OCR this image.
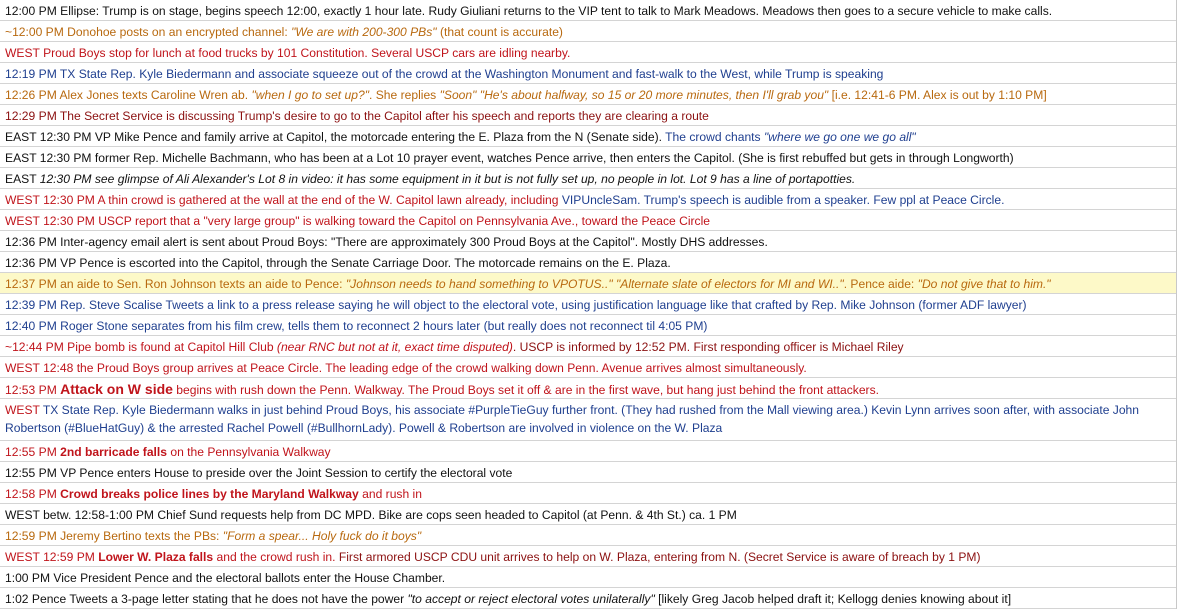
12:00 PM Ellipse: Trump is on stage, begins speech 12:00, exactly 1 hour late. Rudy Giuliani returns to the VIP tent to talk to Mark Meadows. Meadows then goes to a secure vehicle to make calls.
~12:00 PM Donohoe posts on an encrypted channel: "We are with 200-300 PBs" (that count is accurate)
WEST Proud Boys stop for lunch at food trucks by 101 Constitution. Several USCP cars are idling nearby.
12:19 PM TX State Rep. Kyle Biedermann and associate squeeze out of the crowd at the Washington Monument and fast-walk to the West, while Trump is speaking
12:26 PM Alex Jones texts Caroline Wren ab. "when I go to set up?". She replies "Soon" "He's about halfway, so 15 or 20 more minutes, then I'll grab you" [i.e. 12:41-6 PM. Alex is out by 1:10 PM]
12:29 PM The Secret Service is discussing Trump's desire to go to the Capitol after his speech and reports they are clearing a route
EAST 12:30 PM VP Mike Pence and family arrive at Capitol, the motorcade entering the E. Plaza from the N (Senate side). The crowd chants "where we go one we go all"
EAST 12:30 PM former Rep. Michelle Bachmann, who has been at a Lot 10 prayer event, watches Pence arrive, then enters the Capitol. (She is first rebuffed but gets in through Longworth)
EAST 12:30 PM see glimpse of Ali Alexander's Lot 8 in video: it has some equipment in it but is not fully set up, no people in lot. Lot 9 has a line of portapotties.
WEST 12:30 PM A thin crowd is gathered at the wall at the end of the W. Capitol lawn already, including VIPUncleSam. Trump's speech is audible from a speaker. Few ppl at Peace Circle.
WEST 12:30 PM USCP report that a "very large group" is walking toward the Capitol on Pennsylvania Ave., toward the Peace Circle
12:36 PM Inter-agency email alert is sent about Proud Boys: "There are approximately 300 Proud Boys at the Capitol". Mostly DHS addresses.
12:36 PM VP Pence is escorted into the Capitol, through the Senate Carriage Door. The motorcade remains on the E. Plaza.
12:37 PM an aide to Sen. Ron Johnson texts an aide to Pence: "Johnson needs to hand something to VPOTUS.." "Alternate slate of electors for MI and WI..". Pence aide: "Do not give that to him."
12:39 PM Rep. Steve Scalise Tweets a link to a press release saying he will object to the electoral vote, using justification language like that crafted by Rep. Mike Johnson (former ADF lawyer)
12:40 PM Roger Stone separates from his film crew, tells them to reconnect 2 hours later (but really does not reconnect til 4:05 PM)
~12:44 PM Pipe bomb is found at Capitol Hill Club (near RNC but not at it, exact time disputed). USCP is informed by 12:52 PM. First responding officer is Michael Riley
WEST 12:48 the Proud Boys group arrives at Peace Circle. The leading edge of the crowd walking down Penn. Avenue arrives almost simultaneously.
12:53 PM Attack on W side begins with rush down the Penn. Walkway. The Proud Boys set it off & are in the first wave, but hang just behind the front attackers.
WEST TX State Rep. Kyle Biedermann walks in just behind Proud Boys, his associate #PurpleTieGuy further front. (They had rushed from the Mall viewing area.) Kevin Lynn arrives soon after, with associate John Robertson (#BlueHatGuy) & the arrested Rachel Powell (#BullhornLady). Powell & Robertson are involved in violence on the W. Plaza
12:55 PM 2nd barricade falls on the Pennsylvania Walkway
12:55 PM VP Pence enters House to preside over the Joint Session to certify the electoral vote
12:58 PM Crowd breaks police lines by the Maryland Walkway and rush in
WEST betw. 12:58-1:00 PM Chief Sund requests help from DC MPD. Bike are cops seen headed to Capitol (at Penn. & 4th St.) ca. 1 PM
12:59 PM Jeremy Bertino texts the PBs: "Form a spear... Holy fuck do it boys"
WEST 12:59 PM Lower W. Plaza falls and the crowd rush in. First armored USCP CDU unit arrives to help on W. Plaza, entering from N. (Secret Service is aware of breach by 1 PM)
1:00 PM Vice President Pence and the electoral ballots enter the House Chamber.
1:02 Pence Tweets a 3-page letter stating that he does not have the power "to accept or reject electoral votes unilaterally" [likely Greg Jacob helped draft it; Kellogg denies knowing about it]
